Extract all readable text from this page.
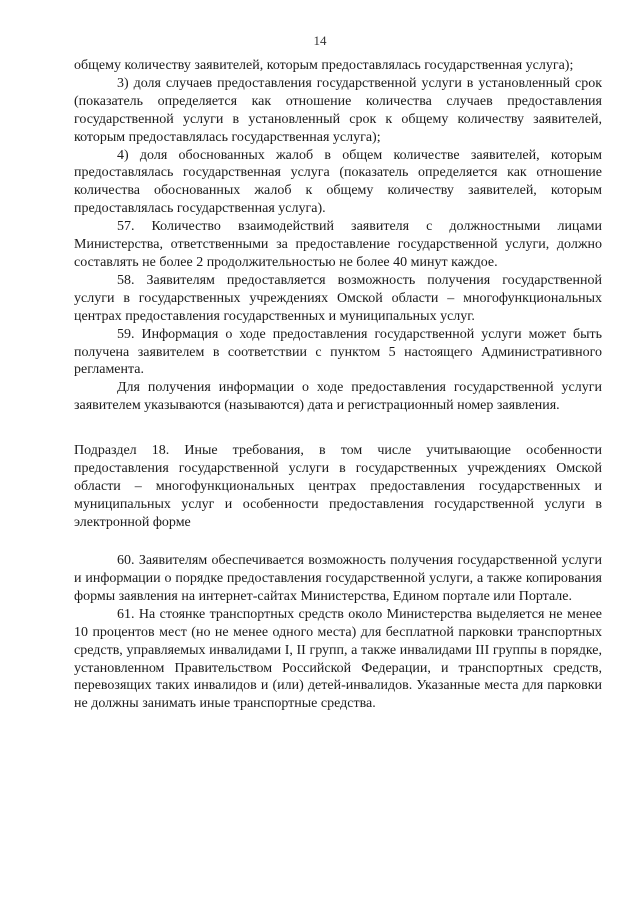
14

общему количеству заявителей, которым предоставлялась государственная услуга);

3) доля случаев предоставления государственной услуги в установленный срок (показатель определяется как отношение количества случаев предоставления государственной услуги в установленный срок к общему количеству заявителей, которым предоставлялась государственная услуга);

4) доля обоснованных жалоб в общем количестве заявителей, которым предоставлялась государственная услуга (показатель определяется как отношение количества обоснованных жалоб к общему количеству заявителей, которым предоставлялась государственная услуга).

57. Количество взаимодействий заявителя с должностными лицами Министерства, ответственными за предоставление государственной услуги, должно составлять не более 2 продолжительностью не более 40 минут каждое.

58. Заявителям предоставляется возможность получения государственной услуги в государственных учреждениях Омской области – многофункциональных центрах предоставления государственных и муниципальных услуг.

59. Информация о ходе предоставления государственной услуги может быть получена заявителем в соответствии с пунктом 5 настоящего Административного регламента.

Для получения информации о ходе предоставления государственной услуги заявителем указываются (называются) дата и регистрационный номер заявления.

Подраздел 18. Иные требования, в том числе учитывающие особенности предоставления государственной услуги в государственных учреждениях Омской области – многофункциональных центрах предоставления государственных и муниципальных услуг и особенности предоставления государственной услуги в электронной форме

60. Заявителям обеспечивается возможность получения государственной услуги и информации о порядке предоставления государственной услуги, а также копирования формы заявления на интернет-сайтах Министерства, Едином портале или Портале.

61. На стоянке транспортных средств около Министерства выделяется не менее 10 процентов мест (но не менее одного места) для бесплатной парковки транспортных средств, управляемых инвалидами I, II групп, а также инвалидами III группы в порядке, установленном Правительством Российской Федерации, и транспортных средств, перевозящих таких инвалидов и (или) детей-инвалидов. Указанные места для парковки не должны занимать иные транспортные средства.
